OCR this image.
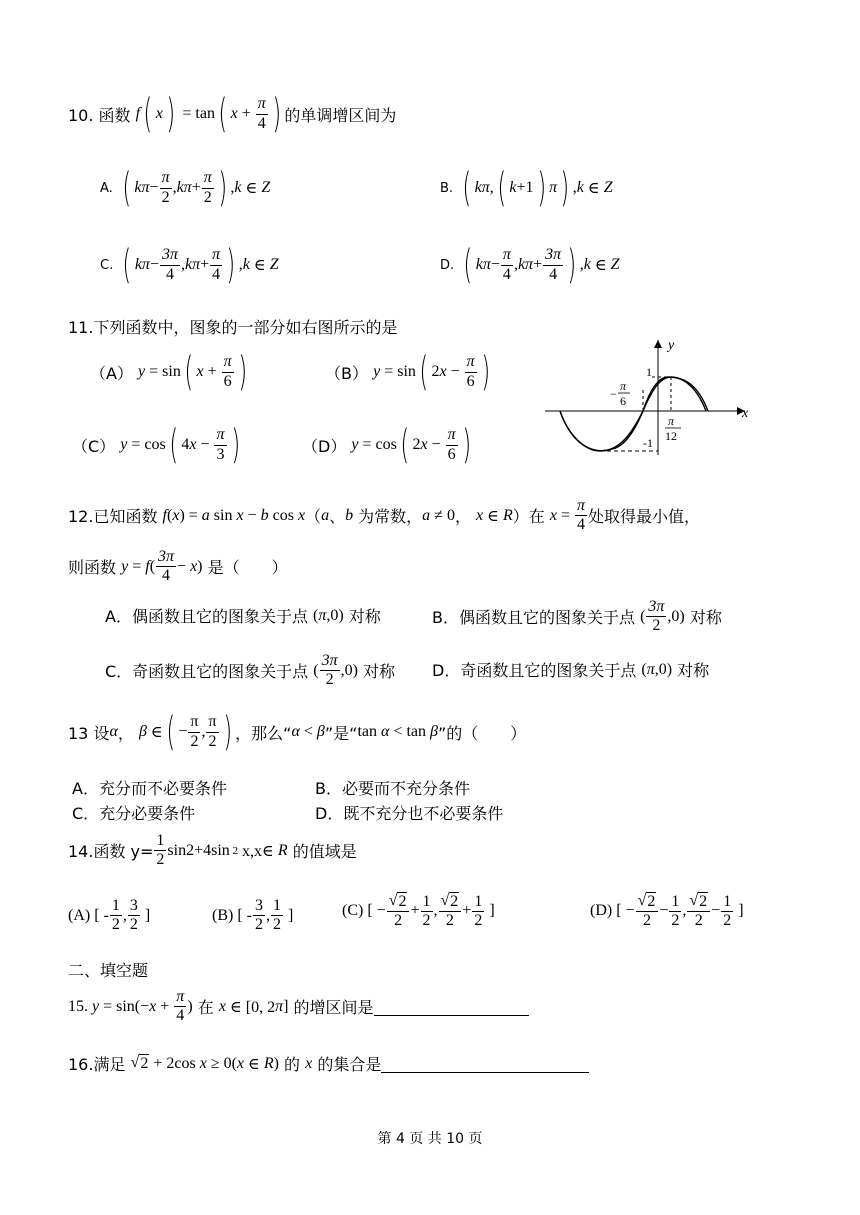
10. 函数 f ( x ) = tan ( $x + \frac{\pi}{4}$ ) 的单调增区间为
A. ( $k\pi - \frac{\pi}{2}$ , $k\pi + \frac{\pi}{2}$ ) , k ∈ Z	B. ( kπ , ( k +1 ) π ) , k ∈ Z
C. ( $k\pi - \frac{3\pi}{4}$ , $k\pi + \frac{\pi}{4}$ ) , k ∈ Z	D. ( $k\pi - \frac{\pi}{4}$ , $k\pi + \frac{3\pi}{4}$ ) , k ∈ Z
11.下列函数中，图象的一部分如右图所示的是
（A） y = sin ( $x + \frac{\pi}{6}$ )	（B） y = sin ( 2 $x - \frac{\pi}{6}$ )
（C） y = cos ( 4 $x - \frac{\pi}{3}$ )	（D） y = cos ( 2 $x - \frac{\pi}{6}$ )
y
x
1
-1
−
π
6
π
12
12.已知函数 f ( x ) = a sin x − b cos x （ a 、 b 为常数， a ≠ 0 ， x ∈ R ）在 $x = \frac{\pi}{4}$ 处取得最小值，
则函数 y = f ( $\frac{3\pi}{4} - x$ ) 是（　　）
A．偶函数且它的图象关于点 ( π ,0) 对称	B．偶函数且它的图象关于点 ( $\frac{3\pi}{2} ,0$) 对称
C．奇函数且它的图象关于点 ( $\frac{3\pi}{2} ,0$) 对称 D．奇函数且它的图象关于点 ( π ,0) 对称
13 设 α ， β ∈ ( − $\frac{\pi}{2}$ , $\frac{\pi}{2}$ ) ，那么“ α < β ”是“ tan α < tan β ”的（　　）
A．充分而不必要条件	B．必要而不充分条件
C．充分必要条件	D．既不充分也不必要条件
14.函数 $y= \frac{1}{2} \sin 2+4\sin$ 2 x,x∈ R 的值域是
(A) [ - $\frac{1}{2}$ , $\frac{3}{2}$ ]	(B) [ - $\frac{3}{2}$ , $\frac{1}{2}$ ]	(C) [ − $\frac{√ 2}{2} + \frac{1}{2}$ , $\frac{√ 2}{2} + \frac{1}{2}$ ]	(D) [ − $\frac{√ 2}{2} - \frac{1}{2}$ , $\frac{√ 2}{2} - \frac{1}{2}$ ]
二、填空题
15. $y = \sin(- x + \frac{\pi}{4}$ ) 在 x ∈ [0, 2 π ] 的增区间是
16.满足 √ 2 + 2cos x ≥ 0( x ∈ R ) 的 x 的集合是
第 4 页 共 10 页
